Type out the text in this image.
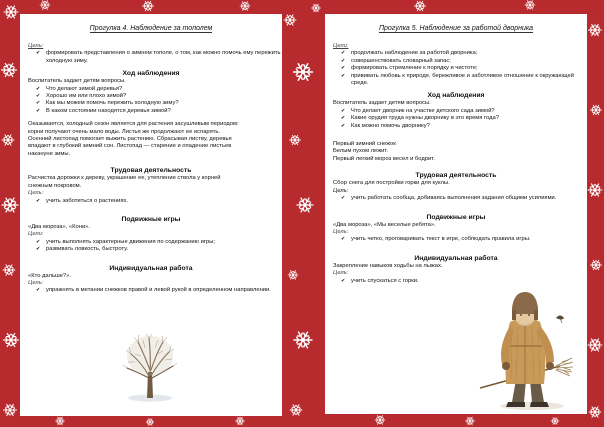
Прогулка 4. Наблюдение за тополем
Цель:
✔ формировать представления о зимнем тополе, о том, как можно помочь ему пережить холодную зиму.
Ход наблюдения
Воспитатель задает детям вопросы.
✔ Что делают зимой деревья?
✔ Хорошо им или плохо зимой?
✔ Как мы можем помочь пережить холодную зиму?
✔ В каком состоянии находятся деревья зимой?
Оказывается, холодный сезон является для растения засушливым периодом:
корни получают очень мало воды. Листья же продолжают ее испарять.
Осенний листопад помогает выжить растению. Сбрасывая листву, деревья
впадают в глубокий зимний сон. Листопад — старение и опадение листьев
накануне зимы.
Трудовая деятельность
Расчистка дорожки к дереву, украшение ее, утепление ствола у корней
снежным покровом.
Цель:
✔ учить заботиться о растениях.
Подвижные игры
«Два мороза», «Кони».
Цели:
✔ учить выполнять характерные движения по содержанию игры;
✔ развивать ловкость, быстроту.
Индивидуальная работа
«Кто дальше?».
Цель:
✔ упражнять в метании снежков правой и левой рукой в определенном направлении.
Прогулка 5. Наблюдение за работой дворника
Цели:
✔ продолжать наблюдение за работой дворника;
✔ совершенствовать словарный запас;
✔ формировать стремление к порядку и чистоте;
✔ прививать любовь к природе, бережливое и заботливое отношение к окружающей среде.
Ход наблюдения
Воспитатель задает детям вопросы.
✔ Что делает дворник на участке детского сада зимой?
✔ Какие орудия труда нужны дворнику в это время года?
✔ Как можно помочь дворнику?
Первый зимний снежок
Белым пухом лежит.
Первый легкий мороз весел и бодрит.
Трудовая деятельность
Сбор снега для постройки горки для куклы.
Цель:
✔ учить работать сообща, добиваясь выполнения задания общими усилиями.
Подвижные игры
«Два мороза», «Мы веселые ребята».
Цель:
✔ учить четко, проговаривать текст в игре, соблюдать правила игры.
Индивидуальная работа
Закрепление навыков ходьбы на лыжах.
Цель:
✔ учить спускаться с горки.
